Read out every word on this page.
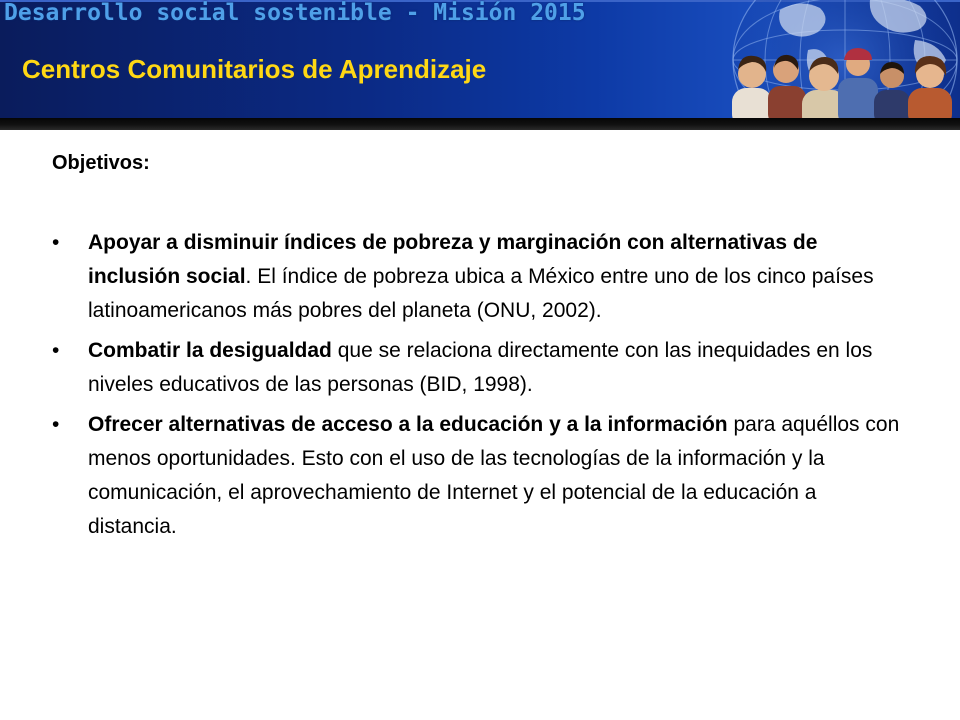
Desarrollo social sostenible - Misión 2015
Centros Comunitarios de Aprendizaje
Objetivos:
• Apoyar a disminuir índices de pobreza y marginación con alternativas de inclusión social. El índice de pobreza ubica a México entre uno de los cinco países latinoamericanos más pobres del planeta (ONU, 2002).
• Combatir la desigualdad que se relaciona directamente con las inequidades en los niveles educativos de las personas (BID, 1998).
• Ofrecer alternativas de acceso a la educación y a la información para aquéllos con menos oportunidades. Esto con el uso de las tecnologías de la información y la comunicación, el aprovechamiento de Internet y el potencial de la educación a distancia.
